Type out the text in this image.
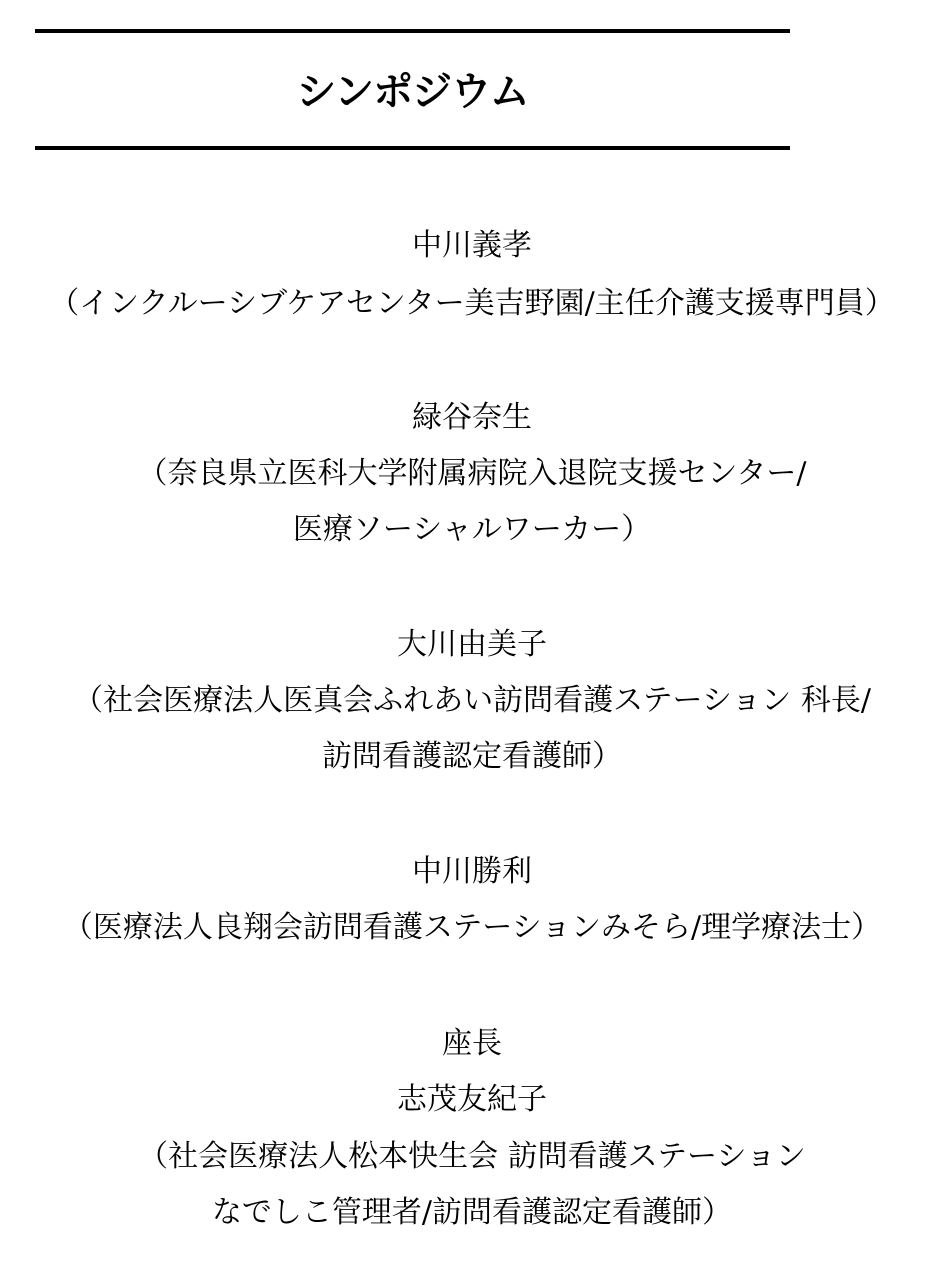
シンポジウム
中川義孝
（インクルーシブケアセンター美吉野園/主任介護支援専門員）
緑谷奈生
（奈良県立医科大学附属病院入退院支援センター/
医療ソーシャルワーカー）
大川由美子
（社会医療法人医真会ふれあい訪問看護ステーション 科長/
訪問看護認定看護師）
中川勝利
（医療法人良翔会訪問看護ステーションみそら/理学療法士）
座長
志茂友紀子
（社会医療法人松本快生会 訪問看護ステーション
なでしこ管理者/訪問看護認定看護師）
